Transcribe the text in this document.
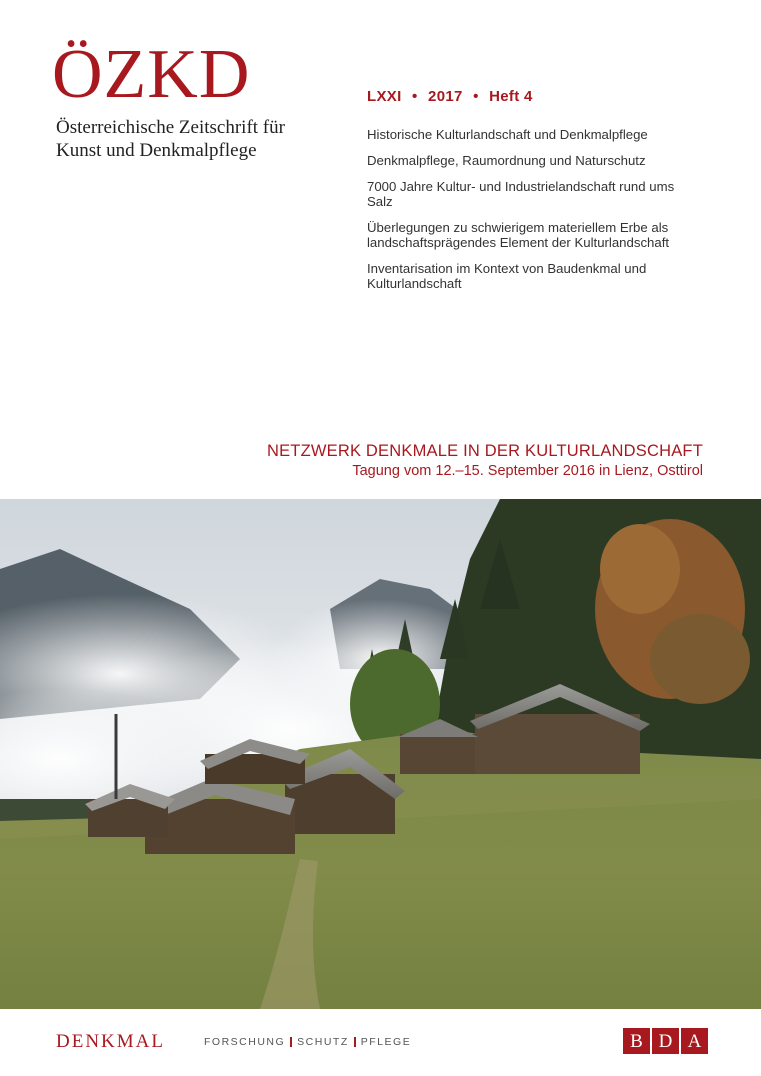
ÖZKD
Österreichische Zeitschrift für
Kunst und Denkmalpflege
LXXI • 2017 • Heft 4
Historische Kulturlandschaft und Denkmalpflege
Denkmalpflege, Raumordnung und Naturschutz
7000 Jahre Kultur- und Industrielandschaft rund ums Salz
Überlegungen zu schwierigem materiellem Erbe als landschaftsprägendes Element der Kulturlandschaft
Inventarisation im Kontext von Baudenkmal und Kulturlandschaft
NETZWERK DENKMALE IN DER KULTURLANDSCHAFT
Tagung vom 12.–15. September 2016 in Lienz, Osttirol
DENKMAL	FORSCHUNG SCHUTZ PFLEGE	B D A
